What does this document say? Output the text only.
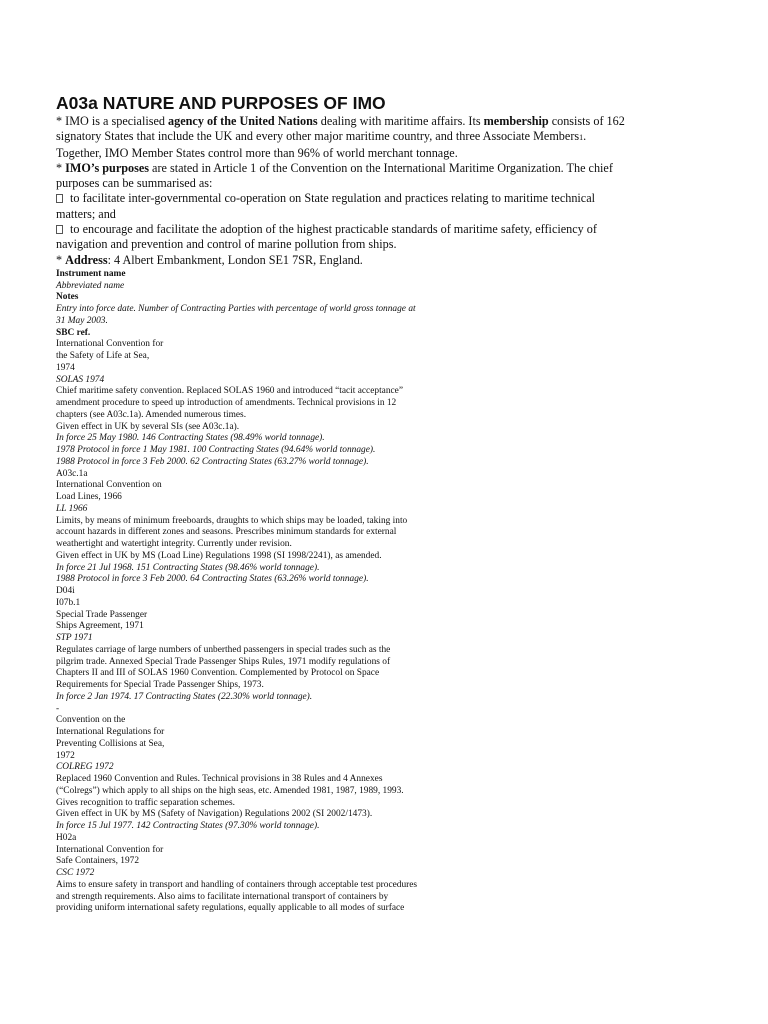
A03a NATURE AND PURPOSES OF IMO
* IMO is a specialised agency of the United Nations dealing with maritime affairs. Its membership consists of 162
signatory States that include the UK and every other major maritime country, and three Associate Members1.
Together, IMO Member States control more than 96% of world merchant tonnage.
* IMO’s purposes are stated in Article 1 of the Convention on the International Maritime Organization. The chief
purposes can be summarised as:
to facilitate inter-governmental co-operation on State regulation and practices relating to maritime technical
matters; and
to encourage and facilitate the adoption of the highest practicable standards of maritime safety, efficiency of
navigation and prevention and control of marine pollution from ships.
* Address: 4 Albert Embankment, London SE1 7SR, England.
Instrument name
Abbreviated name
Notes
Entry into force date. Number of Contracting Parties with percentage of world gross tonnage at
31 May 2003.
SBC ref.
International Convention for
the Safety of Life at Sea,
1974
SOLAS 1974
Chief maritime safety convention. Replaced SOLAS 1960 and introduced “tacit acceptance”
amendment procedure to speed up introduction of amendments. Technical provisions in 12
chapters (see A03c.1a). Amended numerous times.
Given effect in UK by several SIs (see A03c.1a).
In force 25 May 1980. 146 Contracting States (98.49% world tonnage).
1978 Protocol in force 1 May 1981. 100 Contracting States (94.64% world tonnage).
1988 Protocol in force 3 Feb 2000. 62 Contracting States (63.27% world tonnage).
A03c.1a
International Convention on
Load Lines, 1966
LL 1966
Limits, by means of minimum freeboards, draughts to which ships may be loaded, taking into
account hazards in different zones and seasons. Prescribes minimum standards for external
weathertight and watertight integrity. Currently under revision.
Given effect in UK by MS (Load Line) Regulations 1998 (SI 1998/2241), as amended.
In force 21 Jul 1968. 151 Contracting States (98.46% world tonnage).
1988 Protocol in force 3 Feb 2000. 64 Contracting States (63.26% world tonnage).
D04i
I07b.1
Special Trade Passenger
Ships Agreement, 1971
STP 1971
Regulates carriage of large numbers of unberthed passengers in special trades such as the
pilgrim trade. Annexed Special Trade Passenger Ships Rules, 1971 modify regulations of
Chapters II and III of SOLAS 1960 Convention. Complemented by Protocol on Space
Requirements for Special Trade Passenger Ships, 1973.
In force 2 Jan 1974. 17 Contracting States (22.30% world tonnage).
-
Convention on the
International Regulations for
Preventing Collisions at Sea,
1972
COLREG 1972
Replaced 1960 Convention and Rules. Technical provisions in 38 Rules and 4 Annexes
(“Colregs”) which apply to all ships on the high seas, etc. Amended 1981, 1987, 1989, 1993.
Gives recognition to traffic separation schemes.
Given effect in UK by MS (Safety of Navigation) Regulations 2002 (SI 2002/1473).
In force 15 Jul 1977. 142 Contracting States (97.30% world tonnage).
H02a
International Convention for
Safe Containers, 1972
CSC 1972
Aims to ensure safety in transport and handling of containers through acceptable test procedures
and strength requirements. Also aims to facilitate international transport of containers by
providing uniform international safety regulations, equally applicable to all modes of surface
